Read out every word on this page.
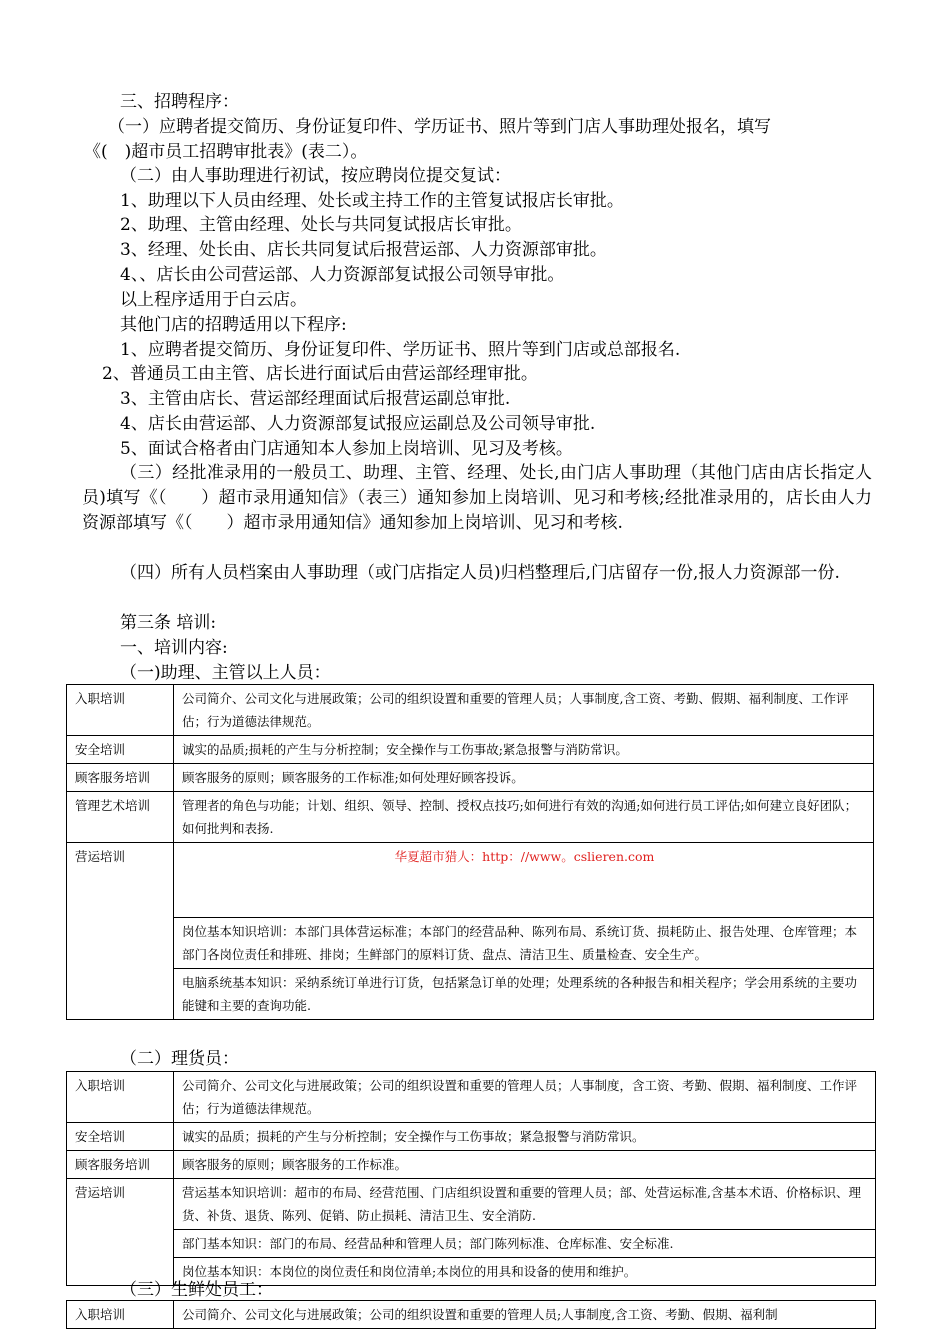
三、招聘程序：
（一）应聘者提交简历、身份证复印件、学历证书、照片等到门店人事助理处报名，填写
《(　)超市员工招聘审批表》(表二）。
（二）由人事助理进行初试，按应聘岗位提交复试：
1、助理以下人员由经理、处长或主持工作的主管复试报店长审批。
2、助理、主管由经理、处长与共同复试报店长审批。
3、经理、处长由、店长共同复试后报营运部、人力资源部审批。
4、、店长由公司营运部、人力资源部复试报公司领导审批。
以上程序适用于白云店。
其他门店的招聘适用以下程序:
1、应聘者提交简历、身份证复印件、学历证书、照片等到门店或总部报名.
2、普通员工由主管、店长进行面试后由营运部经理审批。
3、主管由店长、营运部经理面试后报营运副总审批.
4、店长由营运部、人力资源部复试报应运副总及公司领导审批.
5、面试合格者由门店通知本人参加上岗培训、见习及考核。
（三）经批准录用的一般员工、助理、主管、经理、处长,由门店人事助理（其他门店由店长指定人员)填写《（　　）超市录用通知信》（表三）通知参加上岗培训、见习和考核;经批准录用的，店长由人力资源部填写《（　　）超市录用通知信》通知参加上岗培训、见习和考核.
（四）所有人员档案由人事助理（或门店指定人员)归档整理后,门店留存一份,报人力资源部一份.
第三条 培训:
一、培训内容:
（一)助理、主管以上人员：
入职培训	公司简介、公司文化与进展政策；公司的组织设置和重要的管理人员；人事制度,含工资、考勤、假期、福利制度、工作评估；行为道德法律规范。
安全培训	诚实的品质;损耗的产生与分析控制；安全操作与工伤事故;紧急报警与消防常识。
顾客服务培训	顾客服务的原则；顾客服务的工作标准;如何处理好顾客投诉。
管理艺术培训	管理者的角色与功能；计划、组织、领导、控制、授权点技巧;如何进行有效的沟通;如何进行员工评估;如何建立良好团队；如何批判和表扬.
营运培训	华夏超市猎人：http：//www。cslieren.com
	岗位基本知识培训：本部门具体营运标准；本部门的经营品种、陈列布局、系统订货、损耗防止、报告处理、仓库管理；本部门各岗位责任和排班、排岗；生鲜部门的原料订货、盘点、清洁卫生、质量检查、安全生产。
	电脑系统基本知识：采纳系统订单进行订货，包括紧急订单的处理；处理系统的各种报告和相关程序；学会用系统的主要功能键和主要的查询功能.
（二）理货员：
入职培训	公司简介、公司文化与进展政策；公司的组织设置和重要的管理人员；人事制度，含工资、考勤、假期、福利制度、工作评估；行为道德法律规范。
安全培训	诚实的品质；损耗的产生与分析控制；安全操作与工伤事故；紧急报警与消防常识。
顾客服务培训	顾客服务的原则；顾客服务的工作标准。
营运培训	营运基本知识培训：超市的布局、经营范围、门店组织设置和重要的管理人员；部、处营运标准,含基本术语、价格标识、理货、补货、退货、陈列、促销、防止损耗、清洁卫生、安全消防.
	部门基本知识：部门的布局、经营品种和管理人员；部门陈列标准、仓库标准、安全标准.
	岗位基本知识：本岗位的岗位责任和岗位清单;本岗位的用具和设备的使用和维护。
（三）生鲜处员工：
入职培训	公司简介、公司文化与进展政策；公司的组织设置和重要的管理人员;人事制度,含工资、考勤、假期、福利制
